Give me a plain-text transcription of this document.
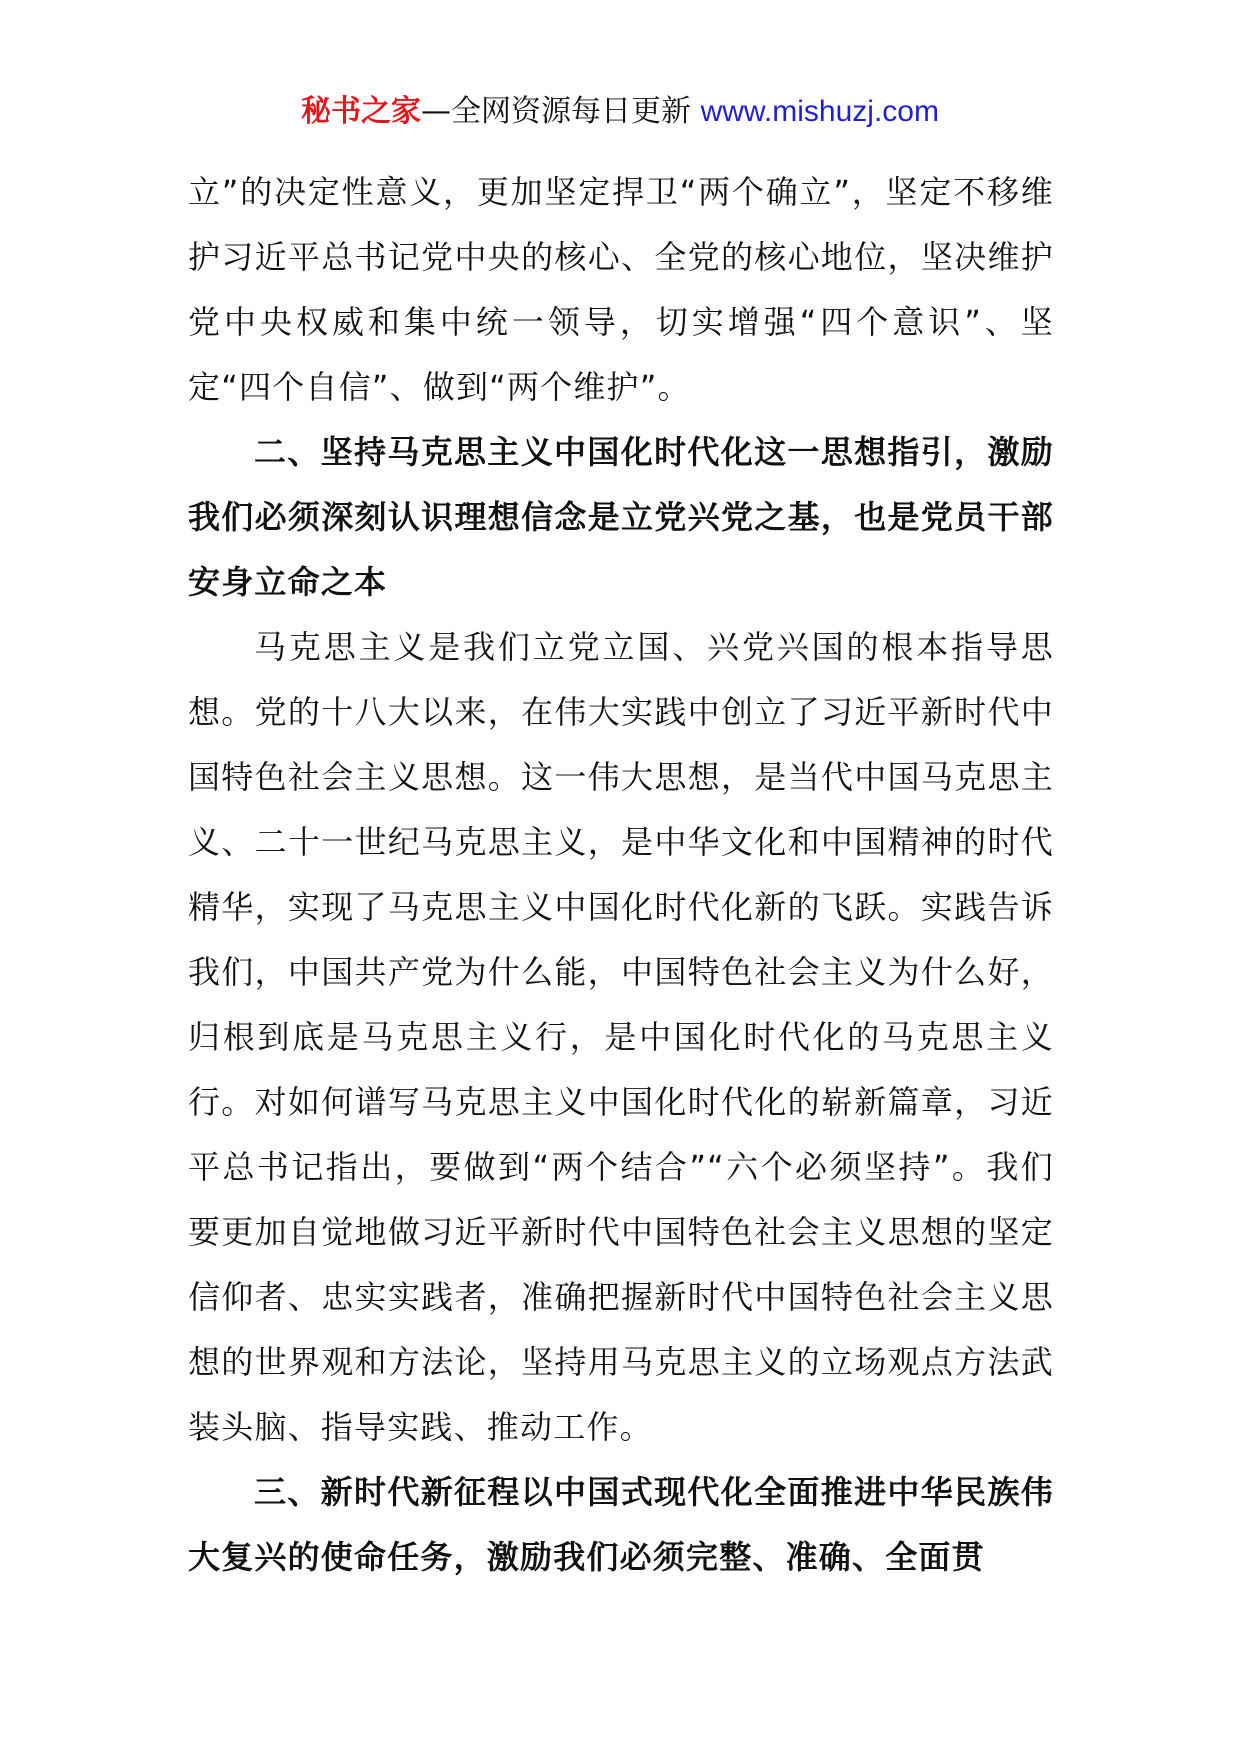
秘书之家—全网资源每日更新 www.mishuzj.com

立”的决定性意义，更加坚定捍卫“两个确立”，坚定不移维护习近平总书记党中央的核心、全党的核心地位，坚决维护党中央权威和集中统一领导，切实增强“四个意识”、坚定“四个自信”、做到“两个维护”。

二、坚持马克思主义中国化时代化这一思想指引，激励我们必须深刻认识理想信念是立党兴党之基，也是党员干部安身立命之本

马克思主义是我们立党立国、兴党兴国的根本指导思想。党的十八大以来，在伟大实践中创立了习近平新时代中国特色社会主义思想。这一伟大思想，是当代中国马克思主义、二十一世纪马克思主义，是中华文化和中国精神的时代精华，实现了马克思主义中国化时代化新的飞跃。实践告诉我们，中国共产党为什么能，中国特色社会主义为什么好，归根到底是马克思主义行，是中国化时代化的马克思主义行。对如何谱写马克思主义中国化时代化的崭新篇章，习近平总书记指出，要做到“两个结合”“六个必须坚持”。我们要更加自觉地做习近平新时代中国特色社会主义思想的坚定信仰者、忠实实践者，准确把握新时代中国特色社会主义思想的世界观和方法论，坚持用马克思主义的立场观点方法武装头脑、指导实践、推动工作。

三、新时代新征程以中国式现代化全面推进中华民族伟大复兴的使命任务，激励我们必须完整、准确、全面贯
